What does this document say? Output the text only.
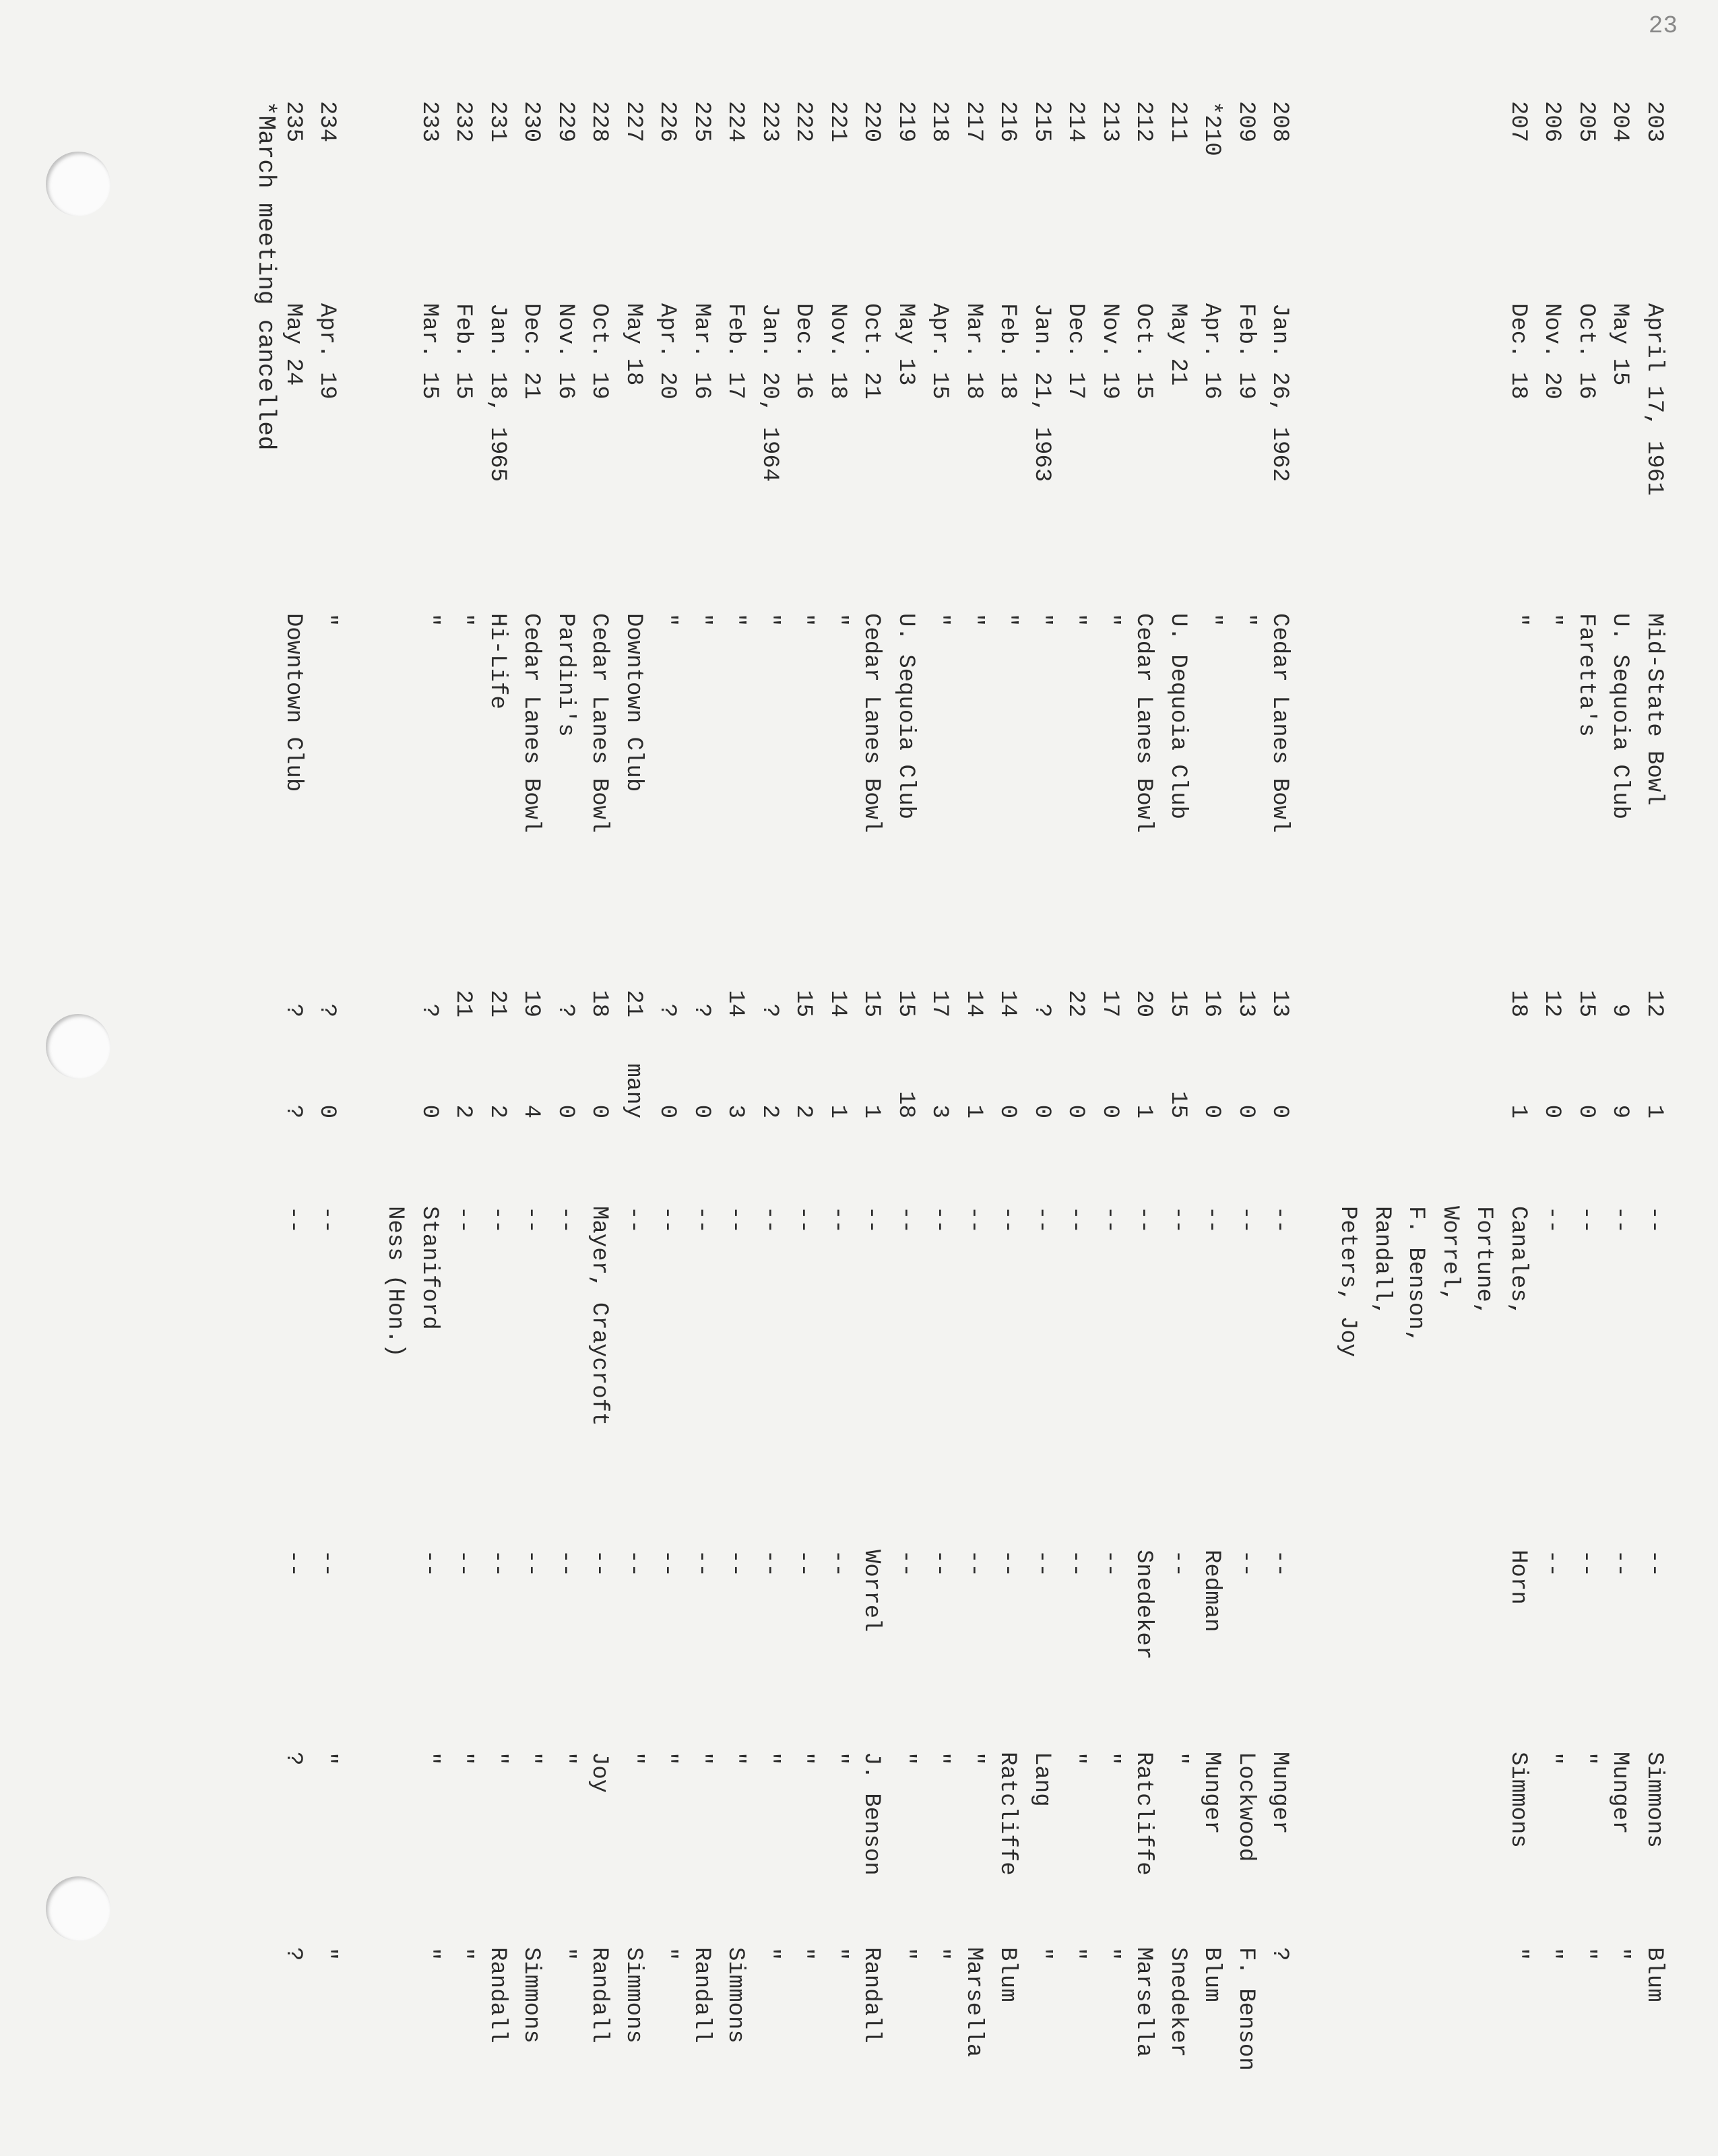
23
203
204
205
206
207
208
209
*210
211
212
213
214
215
216
217
218
219
220
221
222
223
224
225
226
227
228
229
230
231
232
233
234
235
April 17, 1961
May 15
Oct. 16
Nov. 20
Dec. 18
Jan. 26, 1962
Feb. 19
Apr. 16
May 21
Oct. 15
Nov. 19
Dec. 17
Jan. 21, 1963
Feb. 18
Mar. 18
Apr. 15
May 13
Oct. 21
Nov. 18
Dec. 16
Jan. 20, 1964
Feb. 17
Mar. 16
Apr. 20
May 18
Oct. 19
Nov. 16
Dec. 21
Jan. 18, 1965
Feb. 15
Mar. 15
Apr. 19
May 24
Mid-State Bowl
U. Sequoia Club
Faretta's
"
"
Cedar Lanes Bowl
"
"
U. Dequoia Club
Cedar Lanes Bowl
"
"
"
"
"
"
U. Sequoia Club
Cedar Lanes Bowl
"
"
"
"
"
"
Downtown Club
Cedar Lanes Bowl
Pardini's
Cedar Lanes Bowl
Hi-Life
"
"
"
Downtown Club
12
9
15
12
18
13
13
16
15
20
17
22
?
14
14
17
15
15
14
15
?
14
?
?
21
18
?
19
21
21
?
?
?
1
9
0
0
1
0
0
0
15
1
0
0
0
0
1
3
18
1
1
2
2
3
0
0
many
0
0
4
2
2
0
0
?
--
--
--
--
Canales,
Fortune,
Worrel,
F. Benson,
Randall,
Peters, Joy
--
--
--
--
--
--
--
--
--
--
--
--
--
--
--
--
--
--
--
--
Mayer, Craycroft
--
--
--
--
Staniford
Ness (Hon.)
--
--
--
--
--
--
Horn
--
--
Redman
--
Snedeker
--
--
--
--
--
--
--
Worrel
--
--
--
--
--
--
--
--
--
--
--
--
--
--
--
Simmons
Munger
"
"
Simmons
Munger
Lockwood
Munger
"
Ratcliffe
"
"
Lang
Ratcliffe
"
"
"
J. Benson
"
"
"
"
"
"
"
Joy
"
"
"
"
"
"
?
Blum
"
"
"
"
?
F. Benson
Blum
Snedeker
Marsella
"
"
"
Blum
Marsella
"
"
Randall
"
"
"
Simmons
Randall
"
Simmons
Randall
"
Simmons
Randall
"
"
"
?
*March meeting cancelled
